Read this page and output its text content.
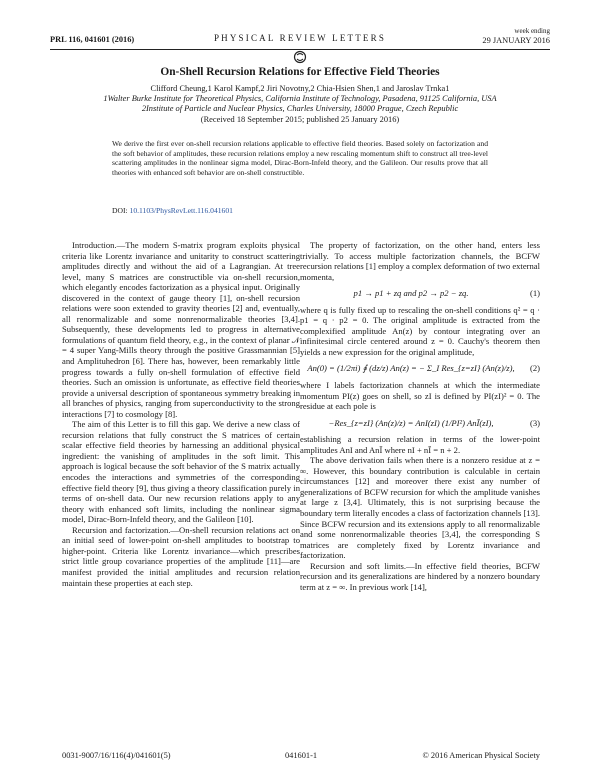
PRL 116, 041601 (2016)	PHYSICAL REVIEW LETTERS
week ending
29 JANUARY 2016
On-Shell Recursion Relations for Effective Field Theories
Clifford Cheung,1 Karol Kampf,2 Jiri Novotny,2 Chia-Hsien Shen,1 and Jaroslav Trnka1
1Walter Burke Institute for Theoretical Physics, California Institute of Technology, Pasadena, 91125 California, USA
2Institute of Particle and Nuclear Physics, Charles University, 18000 Prague, Czech Republic
(Received 18 September 2015; published 25 January 2016)
We derive the first ever on-shell recursion relations applicable to effective field theories. Based solely on factorization and the soft behavior of amplitudes, these recursion relations employ a new rescaling momentum shift to construct all tree-level scattering amplitudes in the nonlinear sigma model, Dirac-Born-Infeld theory, and the Galileon. Our results prove that all theories with enhanced soft behavior are on-shell constructible.
DOI: 10.1103/PhysRevLett.116.041601

Introduction.—The modern S-matrix program exploits physical criteria like Lorentz invariance and unitarity to construct scattering amplitudes directly and without the aid of a Lagrangian. At tree level, many S matrices are constructible via on-shell recursion, which elegantly encodes factorization as a physical input. Originally discovered in the context of gauge theory [1], on-shell recursion relations were soon extended to gravity theories [2] and, eventually, all renormalizable and some nonrenormalizable theories [3,4]. Subsequently, these developments led to progress in alternative formulations of quantum field theory, e.g., in the context of planar 𝒩 = 4 super Yang-Mills theory through the positive Grassmannian [5] and Amplituhedron [6]. There has, however, been remarkably little progress towards a fully on-shell formulation of effective field theories. Such an omission is unfortunate, as effective field theories provide a universal description of spontaneous symmetry breaking in all branches of physics, ranging from superconductivity to the strong interactions [7] to cosmology [8].

The aim of this Letter is to fill this gap. We derive a new class of recursion relations that fully construct the S matrices of certain scalar effective field theories by harnessing an additional physical ingredient: the vanishing of amplitudes in the soft limit. This approach is logical because the soft behavior of the S matrix actually encodes the interactions and symmetries of the corresponding effective field theory [9], thus giving a theory classification purely in terms of on-shell data. Our new recursion relations apply to any theory with enhanced soft limits, including the nonlinear sigma model, Dirac-Born-Infeld theory, and the Galileon [10].

Recursion and factorization.—On-shell recursion relations act on an initial seed of lower-point on-shell amplitudes to bootstrap to higher-point. Criteria like Lorentz invariance—which prescribes strict little group covariance properties of the amplitude [11]—are manifest provided the initial amplitudes and recursion relation maintain these properties at each step.

The property of factorization, on the other hand, enters less trivially. To access multiple factorization channels, the BCFW recursion relations [1] employ a complex deformation of two external momenta,

p1 → p1 + zq and p2 → p2 − zq.	(1)

where q is fully fixed up to rescaling the on-shell conditions q² = q · p1 = q · p2 = 0. The original amplitude is extracted from the complexified amplitude An(z) by contour integrating over an infinitesimal circle centered around z = 0. Cauchy's theorem then yields a new expression for the original amplitude,

An(0) = (1/2πi) ∮ (dz/z) An(z) = − Σ_I Res_{z=zI} (An(z)/z),	(2)

where I labels factorization channels at which the intermediate momentum PI(z) goes on shell, so zI is defined by PI(zI)² = 0. The residue at each pole is

−Res_{z=zI} (An(z)/z) = AnI(zI) (1/PI²) AnĪ(zI),	(3)

establishing a recursion relation in terms of the lower-point amplitudes AnI and AnĪ where nI + nĪ = n + 2.

The above derivation fails when there is a nonzero residue at z = ∞. However, this boundary contribution is calculable in certain circumstances [12] and moreover there exist any number of generalizations of BCFW recursion for which the amplitude vanishes at large z [3,4]. Ultimately, this is not surprising because the boundary term literally encodes a class of factorization channels [13]. Since BCFW recursion and its extensions apply to all renormalizable and some nonrenormalizable theories [3,4], the corresponding S matrices are completely fixed by Lorentz invariance and factorization.

Recursion and soft limits.—In effective field theories, BCFW recursion and its generalizations are hindered by a nonzero boundary term at z = ∞. In previous work [14],

0031-9007/16/116(4)/041601(5)	041601-1	© 2016 American Physical Society
